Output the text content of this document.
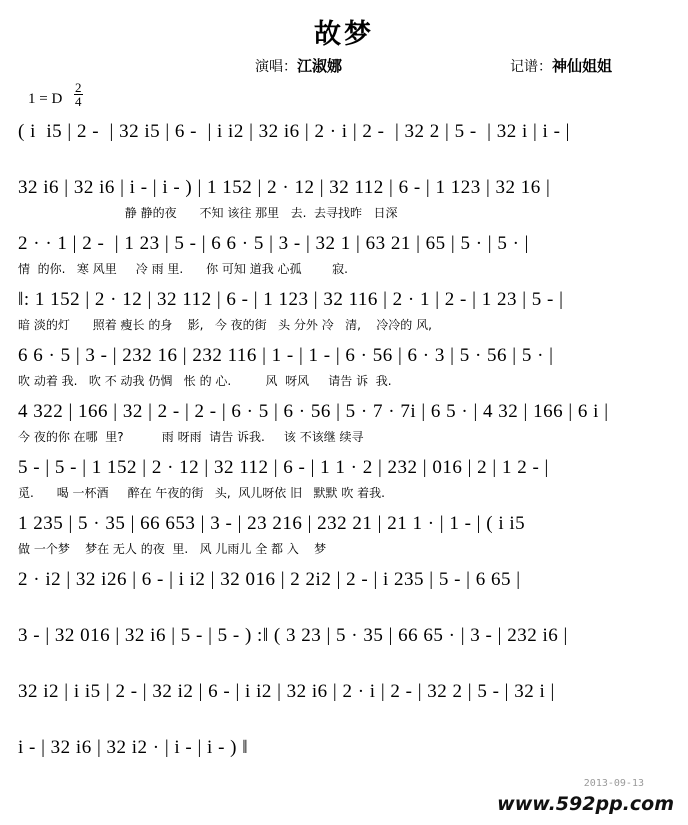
故梦
演唱：江淑娜	记谱：神仙姐姐
1 = D $\frac{2}{4}$
( i  i5 | 2 -  | 32 i5 | 6 -  | i i2 | 32 i6 | 2 · i | 2 -  | 32 2 | 5 -  | 32 i | i - |
32 i6 | 32 i6 | i - | i - ) | 1 152 | 2 · 12 | 32 112 | 6 - | 1 123 | 32 16 |
静 静的夜      不知 该往 那里   去.  去寻找昨   日深
2 · · 1 | 2 -  | 1 23 | 5 - | 6 6 · 5 | 3 - | 32 1 | 63 21 | 65 | 5 · | 5 · |
情  的你.   寒 风里     冷 雨 里.      你 可知 道我 心孤        寂.
‖: 1 152 | 2 · 12 | 32 112 | 6 - | 1 123 | 32 116 | 2 · 1 | 2 - | 1 23 | 5 - |
暗 淡的灯      照着 瘦长 的身    影,   今 夜的街   头 分外 冷   清,    冷冷的 风,
6 6 · 5 | 3 - | 232 16 | 232 116 | 1 - | 1 - | 6 · 56 | 6 · 3 | 5 · 56 | 5 · |
吹 动着 我.   吹 不 动我 仍惆   怅 的 心.         风  呀风     请告 诉  我.
4 322 | 166 | 32 | 2 - | 2 - | 6 · 5 | 6 · 56 | 5 · 7 · 7i | 6 5 · | 4 32 | 166 | 6 i |
今 夜的你 在哪  里?          雨 呀雨  请告 诉我.     该 不该继 续寻
5 - | 5 - | 1 152 | 2 · 12 | 32 112 | 6 - | 1 1 · 2 | 232 | 016 | 2 | 1 2 - |
觅.      喝 一杯酒     醉在 午夜的街   头,  风儿呀依 旧   默默 吹 着我.
1 235 | 5 · 35 | 66 653 | 3 - | 23 216 | 232 21 | 21 1 · | 1 - | ( i i5
做 一个梦    梦在 无人 的夜  里.   风 儿雨儿 全 都 入    梦
2 · i2 | 32 i26 | 6 - | i i2 | 32 016 | 2 2i2 | 2 - | i 235 | 5 - | 6 65 |
3 - | 32 016 | 32 i6 | 5 - | 5 - ) :‖ ( 3 23 | 5 · 35 | 66 65 · | 3 - | 232 i6 |
32 i2 | i i5 | 2 - | 32 i2 | 6 - | i i2 | 32 i6 | 2 · i | 2 - | 32 2 | 5 - | 32 i |
i - | 32 i6 | 32 i2 · | i - | i - ) ‖
2013-09-13
www.592pp.com
